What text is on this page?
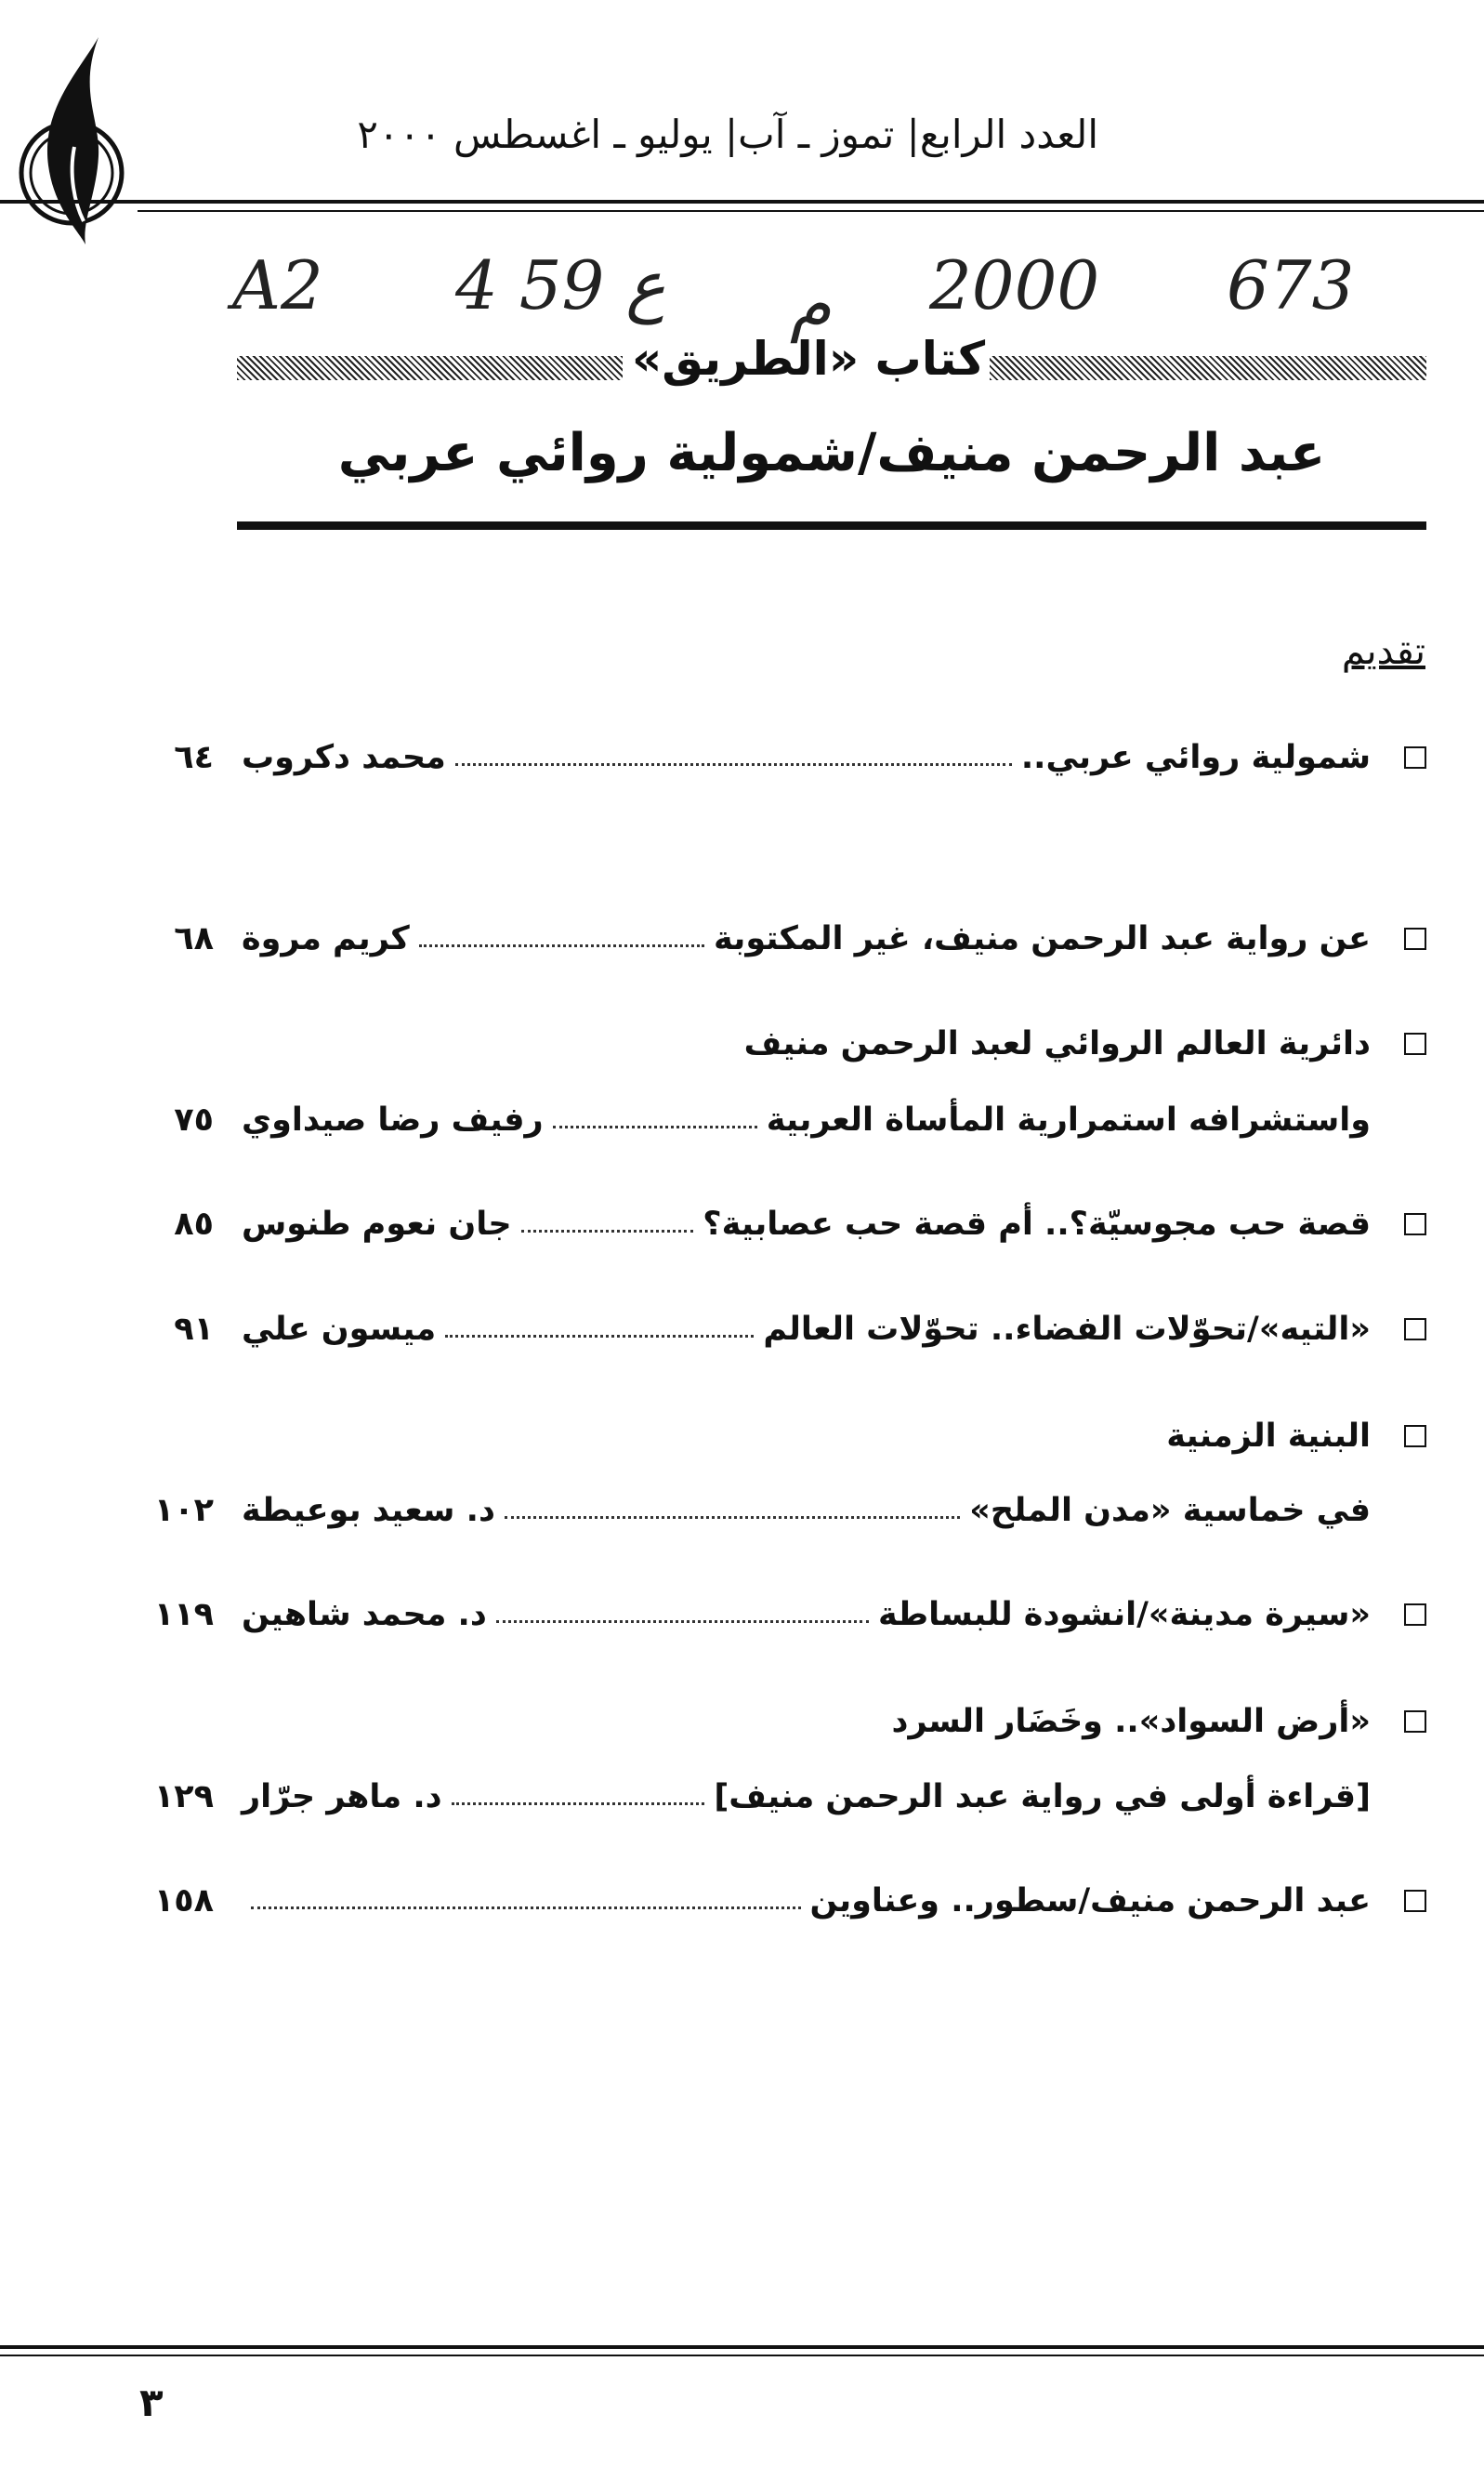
العدد الرابع| تموز ـ آب| يوليو ـ اغسطس ٢٠٠٠
A2 4 ع 59 م 2000 673
كتاب «الطريق»
عبد الرحمن منيف/شمولية روائي عربي
تقديم
شمولية روائي عربي..
محمد دكروب
٦٤
عن رواية عبد الرحمن منيف، غير المكتوبة
كريم مروة
٦٨
دائرية العالم الروائي لعبد الرحمن منيف
واستشرافه استمرارية المأساة العربية
رفيف رضا صيداوي
٧٥
قصة حب مجوسيّة؟.. أم قصة حب عصابية؟
جان نعوم طنوس
٨٥
«التيه»/تحوّلات الفضاء.. تحوّلات العالم
ميسون علي
٩١
البنية الزمنية
في خماسية «مدن الملح»
د. سعيد بوعيطة
١٠٢
«سيرة مدينة»/انشودة للبساطة
د. محمد شاهين
١١٩
«أرض السواد».. وخَضَار السرد
[قراءة أولى في رواية عبد الرحمن منيف]
د. ماهر جرّار
١٢٩
عبد الرحمن منيف/سطور.. وعناوين
١٥٨
٣
